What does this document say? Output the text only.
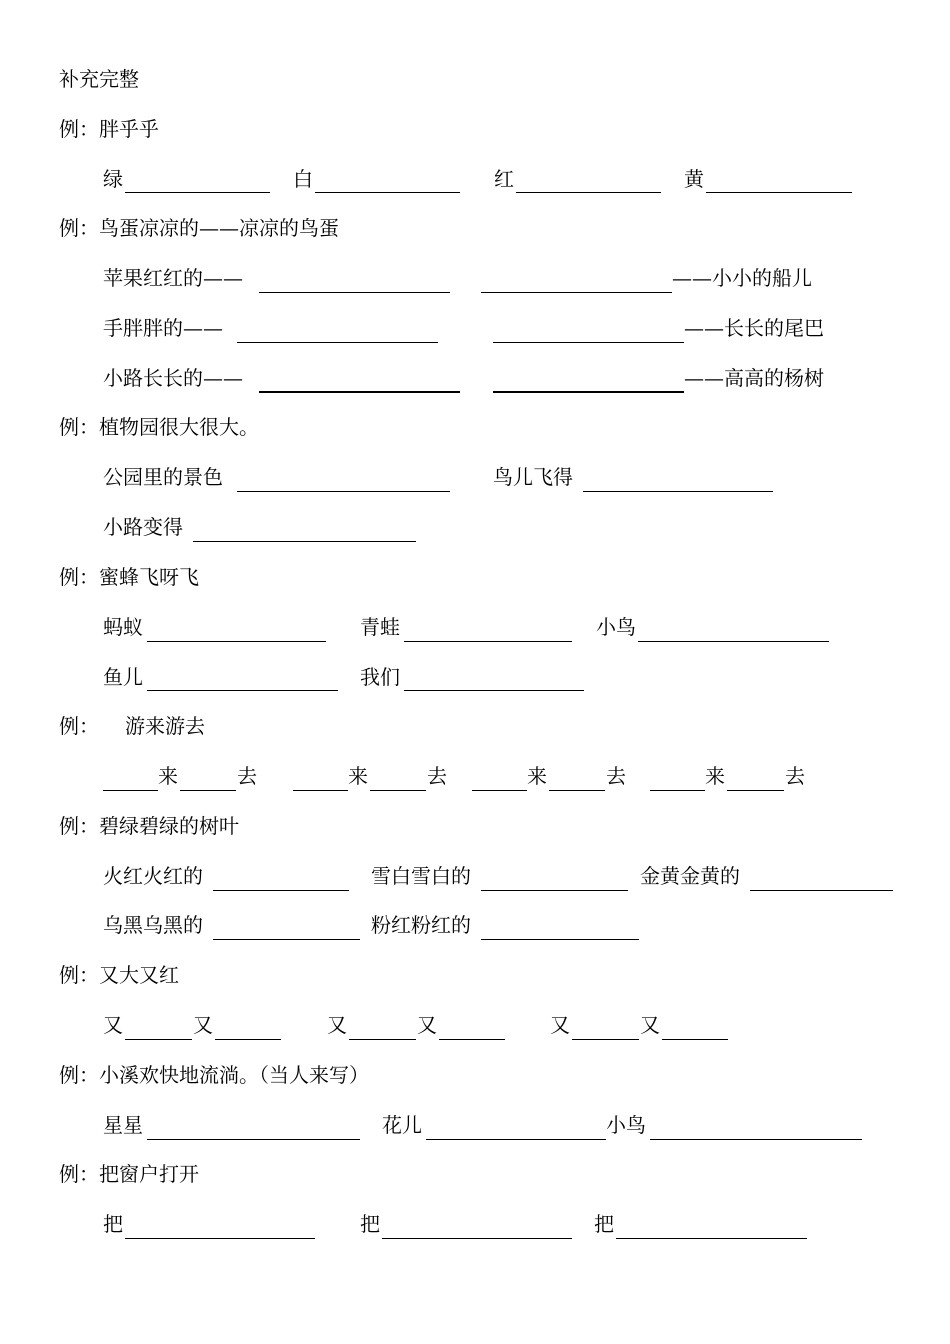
补充完整
例：胖乎乎
绿	白	红	黄
例：鸟蛋凉凉的——凉凉的鸟蛋
苹果红红的——	——小小的船儿
手胖胖的——	——长长的尾巴
小路长长的——	——高高的杨树
例：植物园很大很大。
公园里的景色	鸟儿飞得
小路变得
例：蜜蜂飞呀飞
蚂蚁	青蛙	小鸟
鱼儿	我们
例： 游来游去
来	去	来	去	来	去	来	去
例：碧绿碧绿的树叶
火红火红的	雪白雪白的	金黄金黄的
乌黑乌黑的	粉红粉红的
例：又大又红
又	又	又	又	又	又
例：小溪欢快地流淌。（当人来写）
星星	花儿	小鸟
例：把窗户打开
把	把	把
